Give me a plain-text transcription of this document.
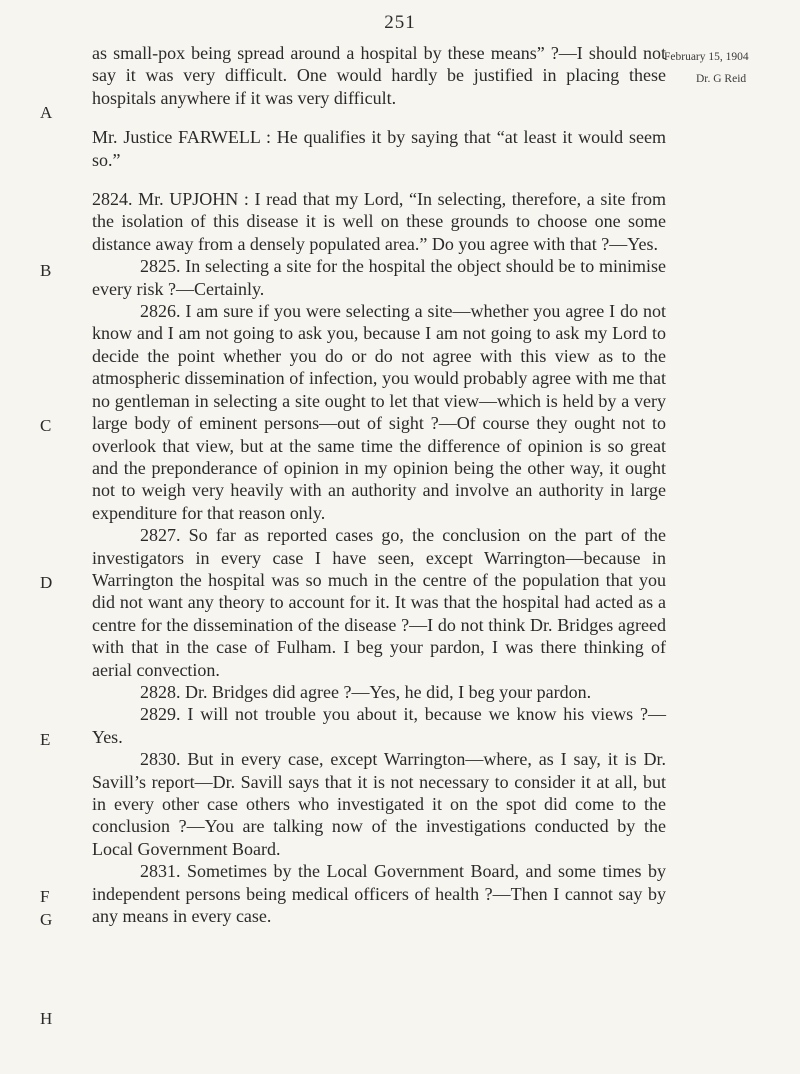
251
February 15, 1904
Dr. G Reid
A
B
C
D
E
F
G
H

as small-pox being spread around a hospital by these means” ?—I should not say it was very difficult. One would hardly be justified in placing these hospitals anywhere if it was very difficult.

Mr. Justice FARWELL : He qualifies it by saying that “at least it would seem so.”

2824. Mr. UPJOHN : I read that my Lord, “In selecting, therefore, a site from the isolation of this disease it is well on these grounds to choose one some distance away from a densely populated area.” Do you agree with that ?—Yes.

2825. In selecting a site for the hospital the object should be to minimise every risk ?—Certainly.

2826. I am sure if you were selecting a site—whether you agree I do not know and I am not going to ask you, because I am not going to ask my Lord to decide the point whether you do or do not agree with this view as to the atmospheric dissemination of infection, you would probably agree with me that no gentleman in selecting a site ought to let that view—which is held by a very large body of eminent persons—out of sight ?—Of course they ought not to overlook that view, but at the same time the difference of opinion is so great and the preponderance of opinion in my opinion being the other way, it ought not to weigh very heavily with an authority and involve an authority in large expenditure for that reason only.

2827. So far as reported cases go, the conclusion on the part of the investigators in every case I have seen, except Warrington—because in Warrington the hospital was so much in the centre of the population that you did not want any theory to account for it. It was that the hospital had acted as a centre for the dissemination of the disease ?—I do not think Dr. Bridges agreed with that in the case of Fulham. I beg your pardon, I was there thinking of aerial convection.

2828. Dr. Bridges did agree ?—Yes, he did, I beg your pardon.

2829. I will not trouble you about it, because we know his views ?—Yes.

2830. But in every case, except Warrington—where, as I say, it is Dr. Savill’s report—Dr. Savill says that it is not necessary to consider it at all, but in every other case others who investigated it on the spot did come to the conclusion ?—You are talking now of the investigations conducted by the Local Government Board.

2831. Sometimes by the Local Government Board, and some times by independent persons being medical officers of health ?—Then I cannot say by any means in every case.
